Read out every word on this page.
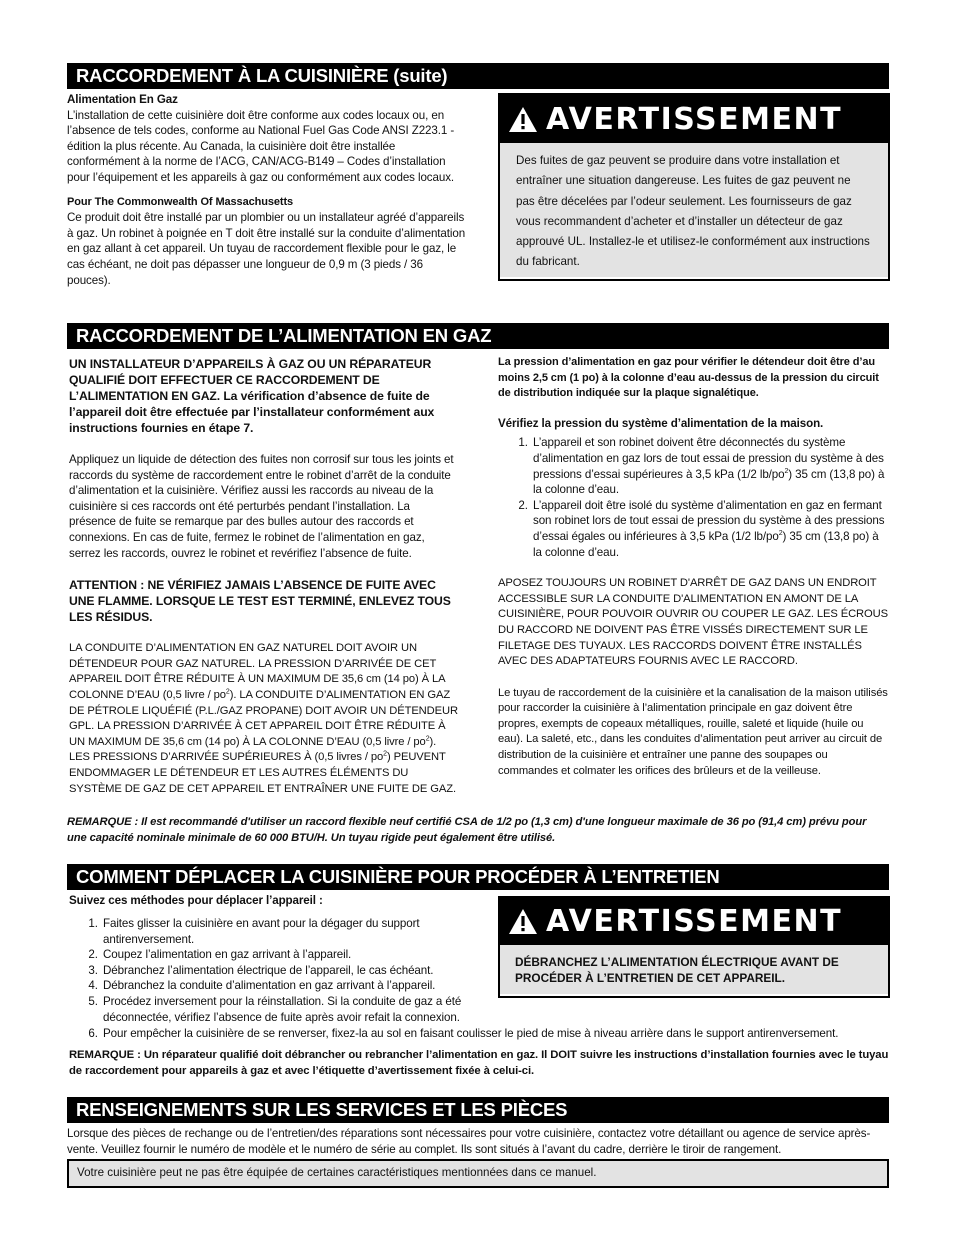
RACCORDEMENT À LA CUISINIÈRE (suite)

Alimentation En Gaz

L’installation de cette cuisinière doit être conforme aux codes locaux ou, en l’absence de tels codes, conforme au National Fuel Gas Code ANSI Z223.1 - édition la plus récente. Au Canada, la cuisinière doit être installée conformément à la norme de l’ACG, CAN/ACG-B149 – Codes d’installation pour l’équipement et les appareils à gaz ou conformément aux codes locaux.

Pour The Commonwealth Of Massachusetts

Ce produit doit être installé par un plombier ou un installateur agréé d’appareils à gaz. Un robinet à poignée en T doit être installé sur la conduite d’alimentation en gaz allant à cet appareil. Un tuyau de raccordement flexible pour le gaz, le cas échéant, ne doit pas dépasser une longueur de 0,9 m (3 pieds / 36 pouces).

AVERTISSEMENT
Des fuites de gaz peuvent se produire dans votre installation et entraîner une situation dangereuse. Les fuites de gaz peuvent ne pas être décelées par l’odeur seulement. Les fournisseurs de gaz vous recommandent d’acheter et d’installer un détecteur de gaz approuvé UL. Installez-le et utilisez-le conformément aux instructions du fabricant.
RACCORDEMENT DE L’ALIMENTATION EN GAZ

UN INSTALLATEUR D’APPAREILS À GAZ OU UN RÉPARATEUR QUALIFIÉ DOIT EFFECTUER CE RACCORDEMENT DE L’ALIMENTATION EN GAZ. La vérification d’absence de fuite de l’appareil doit être effectuée par l’installateur conformément aux instructions fournies en étape 7.

Appliquez un liquide de détection des fuites non corrosif sur tous les joints et raccords du système de raccordement entre le robinet d’arrêt de la conduite d’alimentation et la cuisinière. Vérifiez aussi les raccords au niveau de la cuisinière si ces raccords ont été perturbés pendant l’installation. La présence de fuite se remarque par des bulles autour des raccords et connexions. En cas de fuite, fermez le robinet de l’alimentation en gaz, serrez les raccords, ouvrez le robinet et revérifiez l’absence de fuite.

ATTENTION : NE VÉRIFIEZ JAMAIS L’ABSENCE DE FUITE AVEC UNE FLAMME. LORSQUE LE TEST EST TERMINÉ, ENLEVEZ TOUS LES RÉSIDUS.

LA CONDUITE D’ALIMENTATION EN GAZ NATUREL DOIT AVOIR UN DÉTENDEUR POUR GAZ NATUREL. LA PRESSION D’ARRIVÉE DE CET APPAREIL DOIT ÊTRE RÉDUITE À UN MAXIMUM DE 35,6 cm (14 po) À LA COLONNE D’EAU (0,5 livre / $po^2$). LA CONDUITE D’ALIMENTATION EN GAZ DE PÉTROLE LIQUÉFIÉ (P.L./GAZ PROPANE) DOIT AVOIR UN DÉTENDEUR GPL. LA PRESSION D’ARRIVÉE À CET APPAREIL DOIT ÊTRE RÉDUITE À UN MAXIMUM DE 35,6 cm (14 po) À LA COLONNE D’EAU (0,5 livre / $po^2$). LES PRESSIONS D’ARRIVÉE SUPÉRIEURES À (0,5 livres / $po^2$) PEUVENT ENDOMMAGER LE DÉTENDEUR ET LES AUTRES ÉLÉMENTS DU SYSTÈME DE GAZ DE CET APPAREIL ET ENTRAÎNER UNE FUITE DE GAZ.

La pression d’alimentation en gaz pour vérifier le détendeur doit être d’au moins 2,5 cm (1 po) à la colonne d’eau au-dessus de la pression du circuit de distribution indiquée sur la plaque signalétique.

Vérifiez la pression du système d’alimentation de la maison.

1. L’appareil et son robinet doivent être déconnectés du système d’alimentation en gaz lors de tout essai de pression du système à des pressions d’essai supérieures à 3,5 kPa (1/2 $lb/po^2$) 35 cm (13,8 po) à la colonne d’eau.
2. L’appareil doit être isolé du système d’alimentation en gaz en fermant son robinet lors de tout essai de pression du système à des pressions d’essai égales ou inférieures à 3,5 kPa (1/2 $lb/po^2$) 35 cm (13,8 po) à la colonne d’eau.

APOSEZ TOUJOURS UN ROBINET D'ARRÊT DE GAZ DANS UN ENDROIT ACCESSIBLE SUR LA CONDUITE D'ALIMENTATION EN AMONT DE LA CUISINIÈRE, POUR POUVOIR OUVRIR OU COUPER LE GAZ. LES ÉCROUS DU RACCORD NE DOIVENT PAS ÊTRE VISSÉS DIRECTEMENT SUR LE FILETAGE DES TUYAUX. LES RACCORDS DOIVENT ÊTRE INSTALLÉS AVEC DES ADAPTATEURS FOURNIS AVEC LE RACCORD.

Le tuyau de raccordement de la cuisinière et la canalisation de la maison utilisés pour raccorder la cuisinière à l’alimentation principale en gaz doivent être propres, exempts de copeaux métalliques, rouille, saleté et liquide (huile ou eau). La saleté, etc., dans les conduites d’alimentation peut arriver au circuit de distribution de la cuisinière et entraîner une panne des soupapes ou commandes et colmater les orifices des brûleurs et de la veilleuse.

REMARQUE : Il est recommandé d'utiliser un raccord flexible neuf certifié CSA de 1/2 po (1,3 cm) d'une longueur maximale de 36 po (91,4 cm) prévu pour une capacité nominale minimale de 60 000 BTU/H. Un tuyau rigide peut également être utilisé.
COMMENT DÉPLACER LA CUISINIÈRE POUR PROCÉDER À L’ENTRETIEN
Suivez ces méthodes pour déplacer l’appareil :
1. Faites glisser la cuisinière en avant pour la dégager du support antirenversement.
2. Coupez l’alimentation en gaz arrivant à l’appareil.
3. Débranchez l’alimentation électrique de l’appareil, le cas échéant.
4. Débranchez la conduite d’alimentation en gaz arrivant à l’appareil.
5. Procédez inversement pour la réinstallation. Si la conduite de gaz a été déconnectée, vérifiez l’absence de fuite après avoir refait la connexion.
6. Pour empêcher la cuisinière de se renverser, fixez-la au sol en faisant coulisser le pied de mise à niveau arrière dans le support antirenversement.
AVERTISSEMENT
DÉBRANCHEZ L’ALIMENTATION ÉLECTRIQUE AVANT DE PROCÉDER À L’ENTRETIEN DE CET APPAREIL.
REMARQUE : Un réparateur qualifié doit débrancher ou rebrancher l’alimentation en gaz. Il DOIT suivre les instructions d’installation fournies avec le tuyau de raccordement pour appareils à gaz et avec l’étiquette d’avertissement fixée à celui-ci.
RENSEIGNEMENTS SUR LES SERVICES ET LES PIÈCES
Lorsque des pièces de rechange ou de l’entretien/des réparations sont nécessaires pour votre cuisinière, contactez votre détaillant ou agence de service après-vente. Veuillez fournir le numéro de modèle et le numéro de série au complet. Ils sont situés à l’avant du cadre, derrière le tiroir de rangement.
Votre cuisinière peut ne pas être équipée de certaines caractéristiques mentionnées dans ce manuel.
